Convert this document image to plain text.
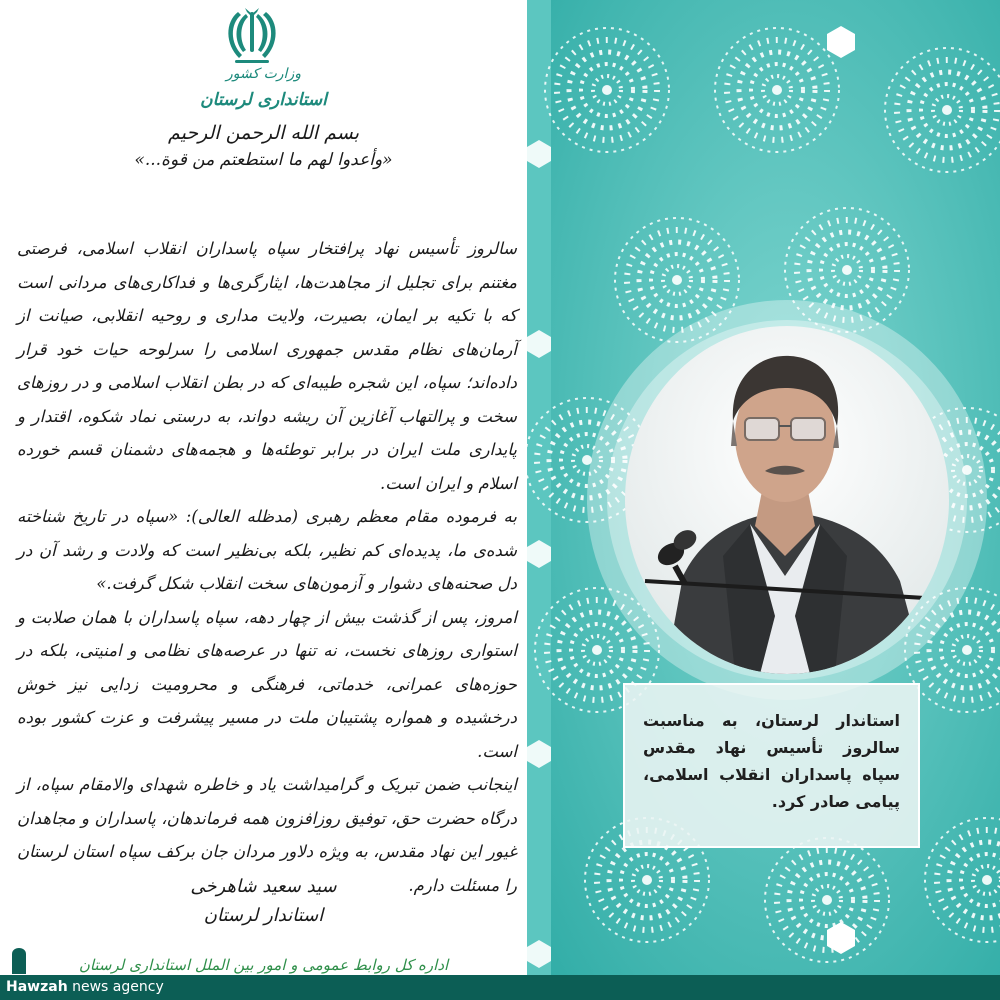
وزارت کشور
استانداری لرستان
بسم الله الرحمن الرحیم
«وأعدوا لهم ما استطعتم من قوة...»

سالروز تأسیس نهاد پرافتخار سپاه پاسداران انقلاب اسلامی، فرصتی مغتنم برای تجلیل از مجاهدت‌ها، ایثارگری‌ها و فداکاری‌های مردانی است که با تکیه بر ایمان، بصیرت، ولایت مداری و روحیه انقلابی، صیانت از آرمان‌های نظام مقدس جمهوری اسلامی را سرلوحه حیات خود قرار داده‌اند؛ سپاه، این شجره طیبه‌ای که در بطن انقلاب اسلامی و در روزهای سخت و پرالتهاب آغازین آن ریشه دواند، به درستی نماد شکوه، اقتدار و پایداری ملت ایران در برابر توطئه‌ها و هجمه‌های دشمنان قسم خورده اسلام و ایران است.

به فرموده مقام معظم رهبری (مدظله العالی): «سپاه در تاریخ شناخته شده‌ی ما، پدیده‌ای کم نظیر، بلکه بی‌نظیر است که ولادت و رشد آن در دل صحنه‌های دشوار و آزمون‌های سخت انقلاب شکل گرفت.»

امروز، پس از گذشت بیش از چهار دهه، سپاه پاسداران با همان صلابت و استواری روزهای نخست، نه تنها در عرصه‌های نظامی و امنیتی، بلکه در حوزه‌های عمرانی، خدماتی، فرهنگی و محرومیت زدایی نیز خوش درخشیده و همواره پشتیبان ملت در مسیر پیشرفت و عزت کشور بوده است.

اینجانب ضمن تبریک و گرامیداشت یاد و خاطره شهدای والامقام سپاه، از درگاه حضرت حق، توفیق روزافزون همه فرماندهان، پاسداران و مجاهدان غیور این نهاد مقدس، به ویژه دلاور مردان جان برکف سپاه استان لرستان را مسئلت دارم.

سید سعید شاهرخی
استاندار لرستان
اداره کل روابط عمومی و امور بین الملل استانداری لرستان

استاندار لرستان، به مناسبت سالروز تأسیس نهاد مقدس سپاه پاسداران انقلاب اسلامی، پیامی صادر کرد.

Hawzah news agency
